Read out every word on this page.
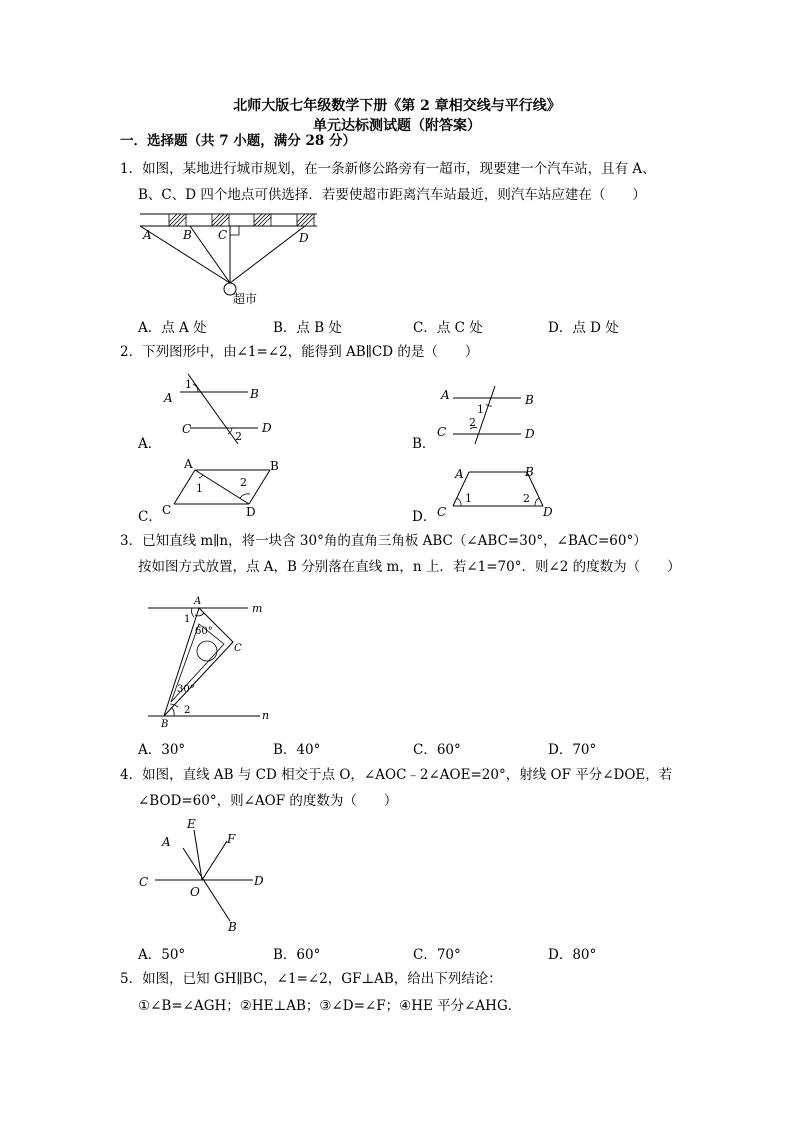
北师大版七年级数学下册《第 2 章相交线与平行线》
单元达标测试题（附答案）
一．选择题（共 7 小题，满分 28 分）
1．如图，某地进行城市规划，在一条新修公路旁有一超市，现要建一个汽车站，且有 A、
B、C、D 四个地点可供选择．若要使超市距离汽车站最近，则汽车站应建在（　　）
A	B C	D
超市
A．点 A 处	B．点 B 处	C．点 C 处	D．点 D 处
2．下列图形中，由∠1=∠2，能得到 AB∥CD 的是（　　）
A．
1
A	B
C
2
D
B．
A	B
1
2
C	D
C．
A	B
1	2
C	D	D．
A	B
1	2
C	D
3．已知直线 m∥n，将一块含 30°角的直角三角板 ABC（∠ABC=30°，∠BAC=60°）
按如图方式放置，点 A，B 分别落在直线 m，n 上．若∠1=70°．则∠2 的度数为（　　）
A
m
1
60°
C
30°
2
B
n
A．30°	B．40°	C．60°	D．70°
4．如图，直线 AB 与 CD 相交于点 O，∠AOC﹣2∠AOE=20°，射线 OF 平分∠DOE，若
∠BOD=60°，则∠AOF 的度数为（　　）
E
A	F
C	D
O
B
A．50°	B．60°	C．70°	D．80°
5．如图，已知 GH∥BC，∠1=∠2，GF⊥AB，给出下列结论：
①∠B=∠AGH；②HE⊥AB；③∠D=∠F；④HE 平分∠AHG．
